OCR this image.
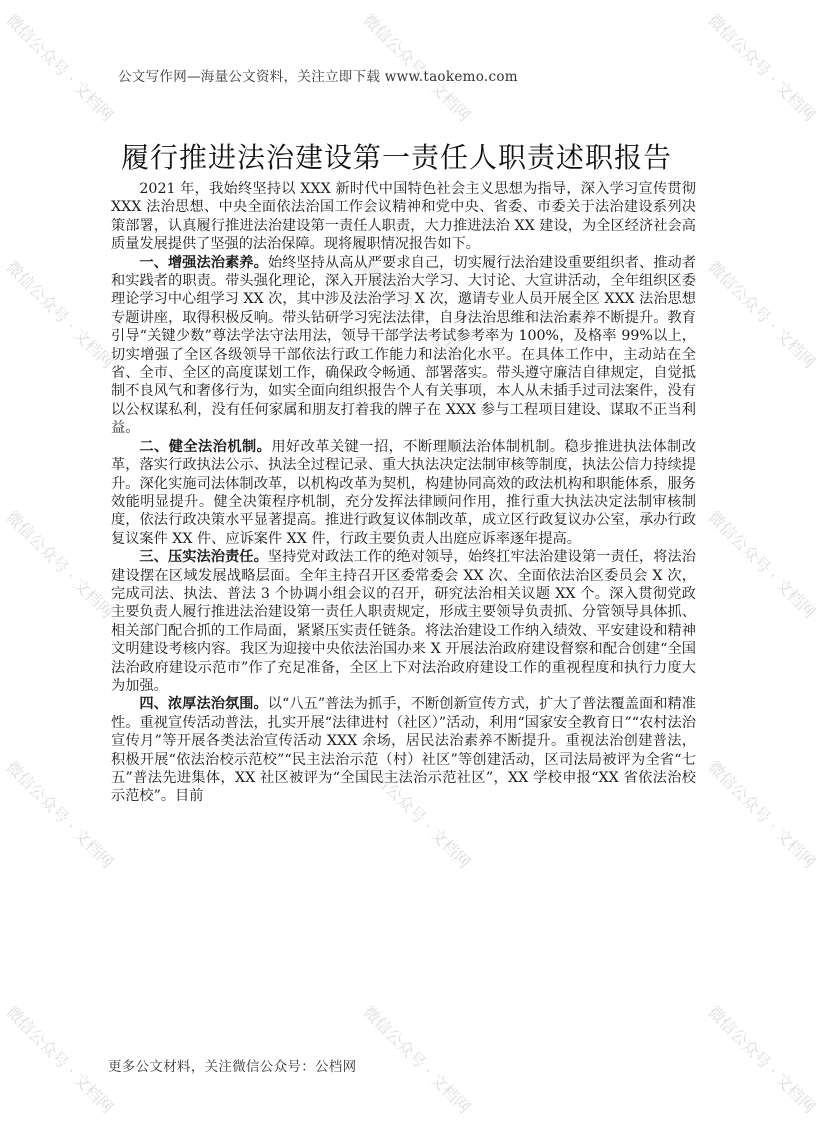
公文写作网—海量公文资料，关注立即下载 www.taokemo.com
履行推进法治建设第一责任人职责述职报告

2021 年，我始终坚持以 XXX 新时代中国特色社会主义思想为指导，深入学习宣传贯彻 XXX 法治思想、中央全面依法治国工作会议精神和党中央、省委、市委关于法治建设系列决策部署，认真履行推进法治建设第一责任人职责，大力推进法治 XX 建设，为全区经济社会高质量发展提供了坚强的法治保障。现将履职情况报告如下。

一、增强法治素养。始终坚持从高从严要求自己，切实履行法治建设重要组织者、推动者和实践者的职责。带头强化理论，深入开展法治大学习、大讨论、大宣讲活动，全年组织区委理论学习中心组学习 XX 次，其中涉及法治学习 X 次，邀请专业人员开展全区 XXX 法治思想专题讲座，取得积极反响。带头钻研学习宪法法律，自身法治思维和法治素养不断提升。教育引导“关键少数”尊法学法守法用法，领导干部学法考试参考率为 100%，及格率 99%以上，切实增强了全区各级领导干部依法行政工作能力和法治化水平。在具体工作中，主动站在全省、全市、全区的高度谋划工作，确保政令畅通、部署落实。带头遵守廉洁自律规定，自觉抵制不良风气和奢侈行为，如实全面向组织报告个人有关事项，本人从未插手过司法案件，没有以公权谋私利，没有任何家属和朋友打着我的牌子在 XXX 参与工程项目建设、谋取不正当利益。

二、健全法治机制。用好改革关键一招，不断理顺法治体制机制。稳步推进执法体制改革，落实行政执法公示、执法全过程记录、重大执法决定法制审核等制度，执法公信力持续提升。深化实施司法体制改革，以机构改革为契机，构建协同高效的政法机构和职能体系，服务效能明显提升。健全决策程序机制，充分发挥法律顾问作用，推行重大执法决定法制审核制度，依法行政决策水平显著提高。推进行政复议体制改革，成立区行政复议办公室，承办行政复议案件 XX 件、应诉案件 XX 件，行政主要负责人出庭应诉率逐年提高。

三、压实法治责任。坚持党对政法工作的绝对领导，始终扛牢法治建设第一责任，将法治建设摆在区域发展战略层面。全年主持召开区委常委会 XX 次、全面依法治区委员会 X 次，完成司法、执法、普法 3 个协调小组会议的召开，研究法治相关议题 XX 个。深入贯彻党政主要负责人履行推进法治建设第一责任人职责规定，形成主要领导负责抓、分管领导具体抓、相关部门配合抓的工作局面，紧紧压实责任链条。将法治建设工作纳入绩效、平安建设和精神文明建设考核内容。我区为迎接中央依法治国办来 X 开展法治政府建设督察和配合创建“全国法治政府建设示范市”作了充足准备，全区上下对法治政府建设工作的重视程度和执行力度大为加强。

四、浓厚法治氛围。以“八五”普法为抓手，不断创新宣传方式，扩大了普法覆盖面和精准性。重视宣传活动普法，扎实开展“法律进村（社区）”活动，利用“国家安全教育日”“农村法治宣传月”等开展各类法治宣传活动 XXX 余场，居民法治素养不断提升。重视法治创建普法，积极开展“依法治校示范校”“民主法治示范（村）社区”等创建活动，区司法局被评为全省“七五”普法先进集体，XX 社区被评为“全国民主法治示范社区”，XX 学校申报“XX 省依法治校示范校”。目前

更多公文材料，关注微信公众号：公档网
微信公众号 · 文档网	微信公众号 · 文档网	微信公众号 · 文档网
微信公众号 · 文档网	微信公众号 · 文档网	微信公众号 · 文档网
微信公众号 · 文档网	微信公众号 · 文档网	微信公众号 · 文档网
微信公众号 · 文档网	微信公众号 · 文档网	微信公众号 · 文档网
微信公众号 · 文档网	微信公众号 · 文档网	微信公众号 · 文档网
